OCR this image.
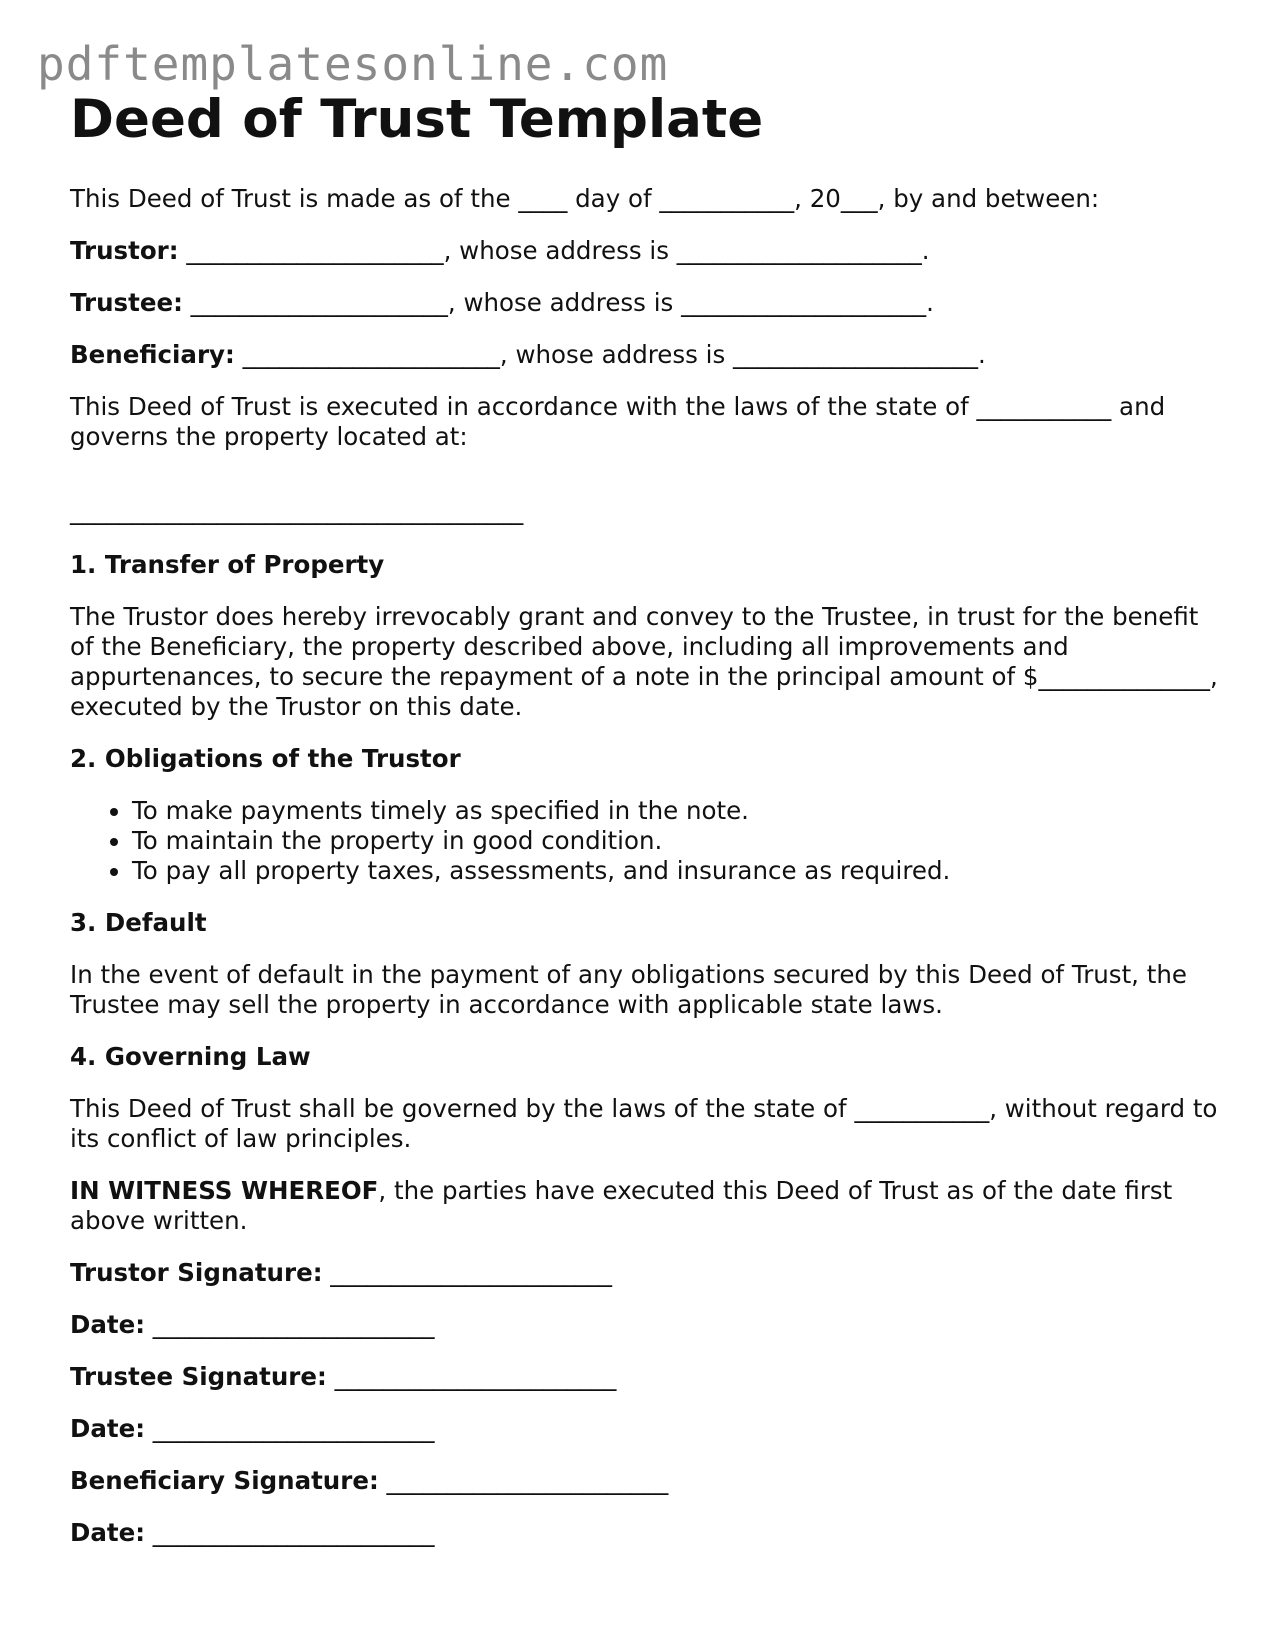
pdftemplatesonline.com
Deed of Trust Template

This Deed of Trust is made as of the ____ day of ___________, 20___, by and between:

Trustor: _____________________, whose address is ____________________.

Trustee: _____________________, whose address is ____________________.

Beneficiary: _____________________, whose address is ____________________.

This Deed of Trust is executed in accordance with the laws of the state of ___________ and governs the property located at:

_____________________________________

1. Transfer of Property

The Trustor does hereby irrevocably grant and convey to the Trustee, in trust for the benefit of the Beneficiary, the property described above, including all improvements and appurtenances, to secure the repayment of a note in the principal amount of $______________, executed by the Trustor on this date.

2. Obligations of the Trustor
• To make payments timely as specified in the note.
• To maintain the property in good condition.
• To pay all property taxes, assessments, and insurance as required.
3. Default

In the event of default in the payment of any obligations secured by this Deed of Trust, the Trustee may sell the property in accordance with applicable state laws.

4. Governing Law

This Deed of Trust shall be governed by the laws of the state of ___________, without regard to its conflict of law principles.

IN WITNESS WHEREOF, the parties have executed this Deed of Trust as of the date first above written.

Trustor Signature: _______________________

Date: _______________________

Trustee Signature: _______________________

Date: _______________________

Beneficiary Signature: _______________________

Date: _______________________
